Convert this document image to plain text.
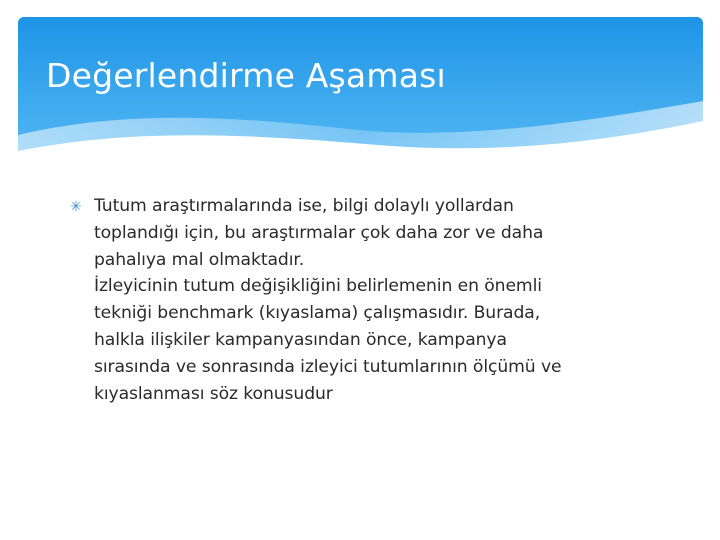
Değerlendirme Aşaması
✳ Tutum araştırmalarında ise, bilgi dolaylı yollardan
toplandığı için, bu araştırmalar çok daha zor ve daha
pahalıya mal olmaktadır.
İzleyicinin tutum değişikliğini belirlemenin en önemli
tekniği benchmark (kıyaslama) çalışmasıdır. Burada,
halkla ilişkiler kampanyasından önce, kampanya
sırasında ve sonrasında izleyici tutumlarının ölçümü ve
kıyaslanması söz konusudur
